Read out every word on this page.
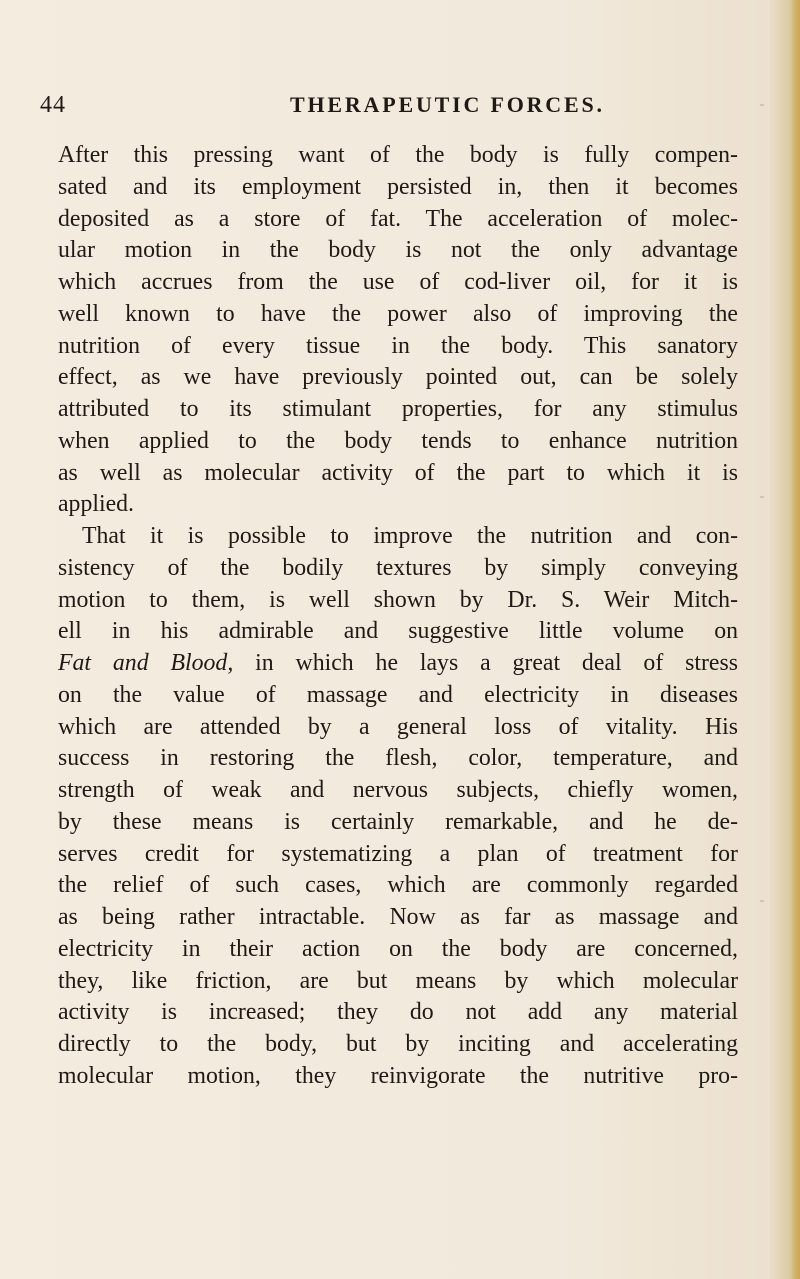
44	THERAPEUTIC FORCES.
After this pressing want of the body is fully compen-
sated and its employment persisted in, then it becomes
deposited as a store of fat. The acceleration of molec-
ular motion in the body is not the only advantage
which accrues from the use of cod-liver oil, for it is
well known to have the power also of improving the
nutrition of every tissue in the body. This sanatory
effect, as we have previously pointed out, can be solely
attributed to its stimulant properties, for any stimulus
when applied to the body tends to enhance nutrition
as well as molecular activity of the part to which it is
applied.
That it is possible to improve the nutrition and con-
sistency of the bodily textures by simply conveying
motion to them, is well shown by Dr. S. Weir Mitch-
ell in his admirable and suggestive little volume on
Fat and Blood, in which he lays a great deal of stress
on the value of massage and electricity in diseases
which are attended by a general loss of vitality. His
success in restoring the flesh, color, temperature, and
strength of weak and nervous subjects, chiefly women,
by these means is certainly remarkable, and he de-
serves credit for systematizing a plan of treatment for
the relief of such cases, which are commonly regarded
as being rather intractable. Now as far as massage and
electricity in their action on the body are concerned,
they, like friction, are but means by which molecular
activity is increased; they do not add any material
directly to the body, but by inciting and accelerating
molecular motion, they reinvigorate the nutritive pro-
